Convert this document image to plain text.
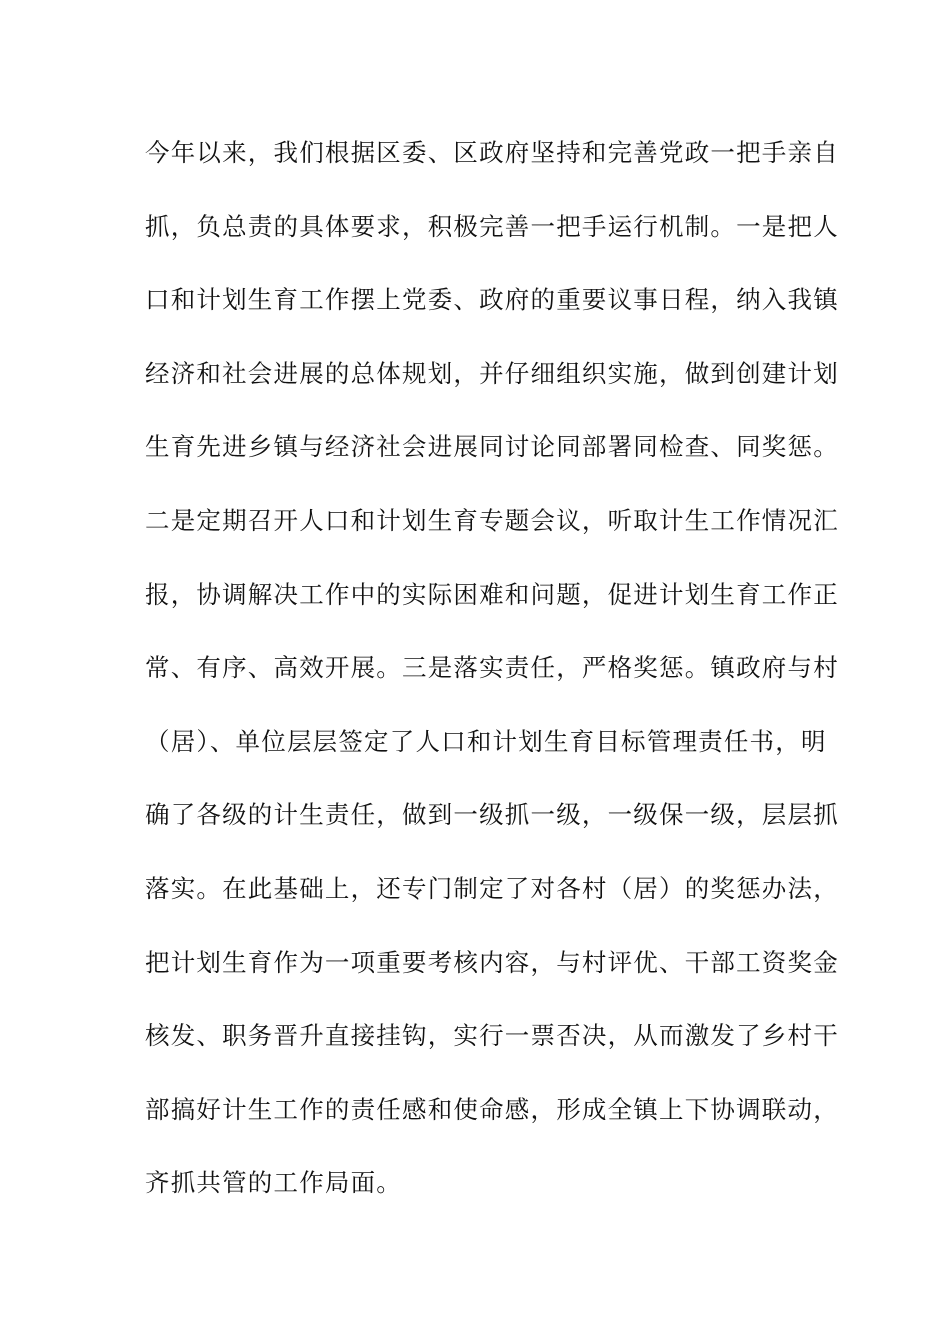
今年以来，我们根据区委、区政府坚持和完善党政一把手亲自
抓，负总责的具体要求，积极完善一把手运行机制。一是把人
口和计划生育工作摆上党委、政府的重要议事日程，纳入我镇
经济和社会进展的总体规划，并仔细组织实施，做到创建计划
生育先进乡镇与经济社会进展同讨论同部署同检查、同奖惩。
二是定期召开人口和计划生育专题会议，听取计生工作情况汇
报，协调解决工作中的实际困难和问题，促进计划生育工作正
常、有序、高效开展。三是落实责任，严格奖惩。镇政府与村
（居）、单位层层签定了人口和计划生育目标管理责任书，明
确了各级的计生责任，做到一级抓一级，一级保一级，层层抓
落实。在此基础上，还专门制定了对各村（居）的奖惩办法，
把计划生育作为一项重要考核内容，与村评优、干部工资奖金
核发、职务晋升直接挂钩，实行一票否决，从而激发了乡村干
部搞好计生工作的责任感和使命感，形成全镇上下协调联动，
齐抓共管的工作局面。
